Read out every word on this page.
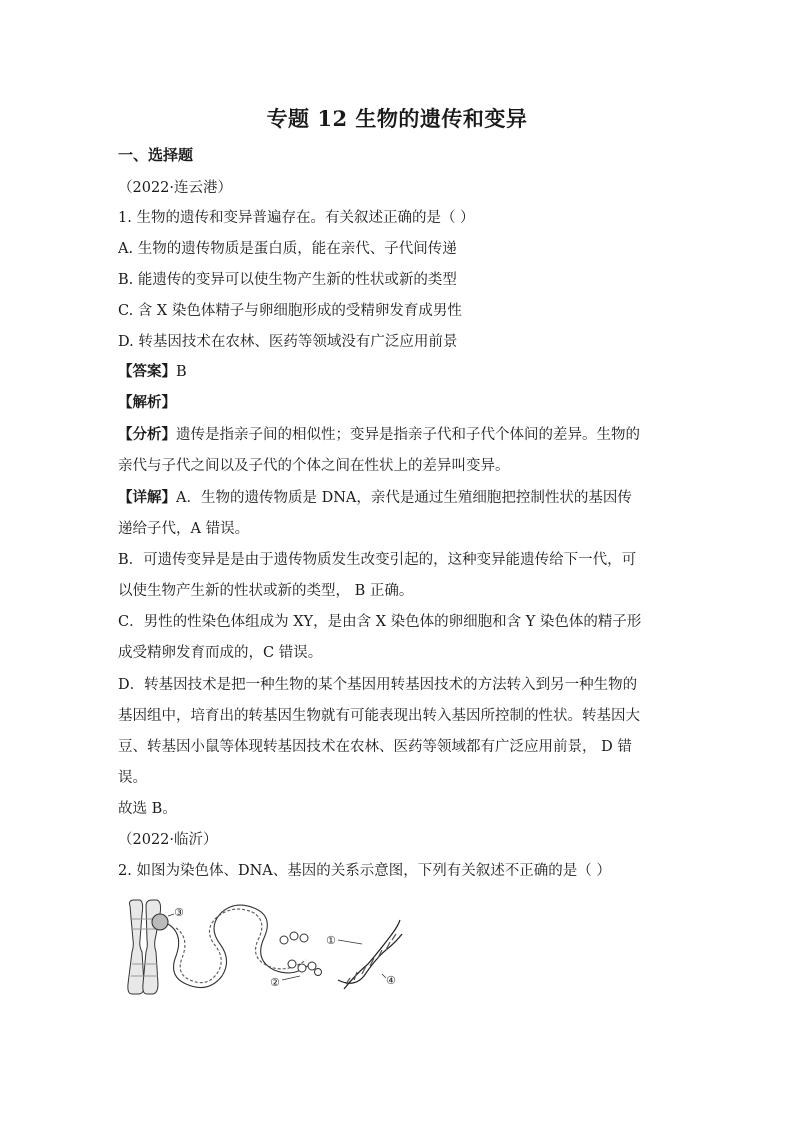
专题 12 生物的遗传和变异
一、选择题
（2022·连云港）
1. 生物的遗传和变异普遍存在。有关叙述正确的是（ ）
A. 生物的遗传物质是蛋白质，能在亲代、子代间传递
B. 能遗传的变异可以使生物产生新的性状或新的类型
C. 含 X 染色体精子与卵细胞形成的受精卵发育成男性
D. 转基因技术在农林、医药等领域没有广泛应用前景
【答案】B
【解析】
【分析】遗传是指亲子间的相似性；变异是指亲子代和子代个体间的差异。生物的
亲代与子代之间以及子代的个体之间在性状上的差异叫变异。
【详解】A．生物的遗传物质是 DNA，亲代是通过生殖细胞把控制性状的基因传
递给子代，A 错误。
B．可遗传变异是是由于遗传物质发生改变引起的，这种变异能遗传给下一代，可
以使生物产生新的性状或新的类型， B 正确。
C．男性的性染色体组成为 XY，是由含 X 染色体的卵细胞和含 Y 染色体的精子形
成受精卵发育而成的，C 错误。
D．转基因技术是把一种生物的某个基因用转基因技术的方法转入到另一种生物的
基因组中，培育出的转基因生物就有可能表现出转入基因所控制的性状。转基因大
豆、转基因小鼠等体现转基因技术在农林、医药等领域都有广泛应用前景， D 错
误。
故选 B。
（2022·临沂）
2. 如图为染色体、DNA、基因的关系示意图，下列有关叙述不正确的是（ ）
③
①
②	④
